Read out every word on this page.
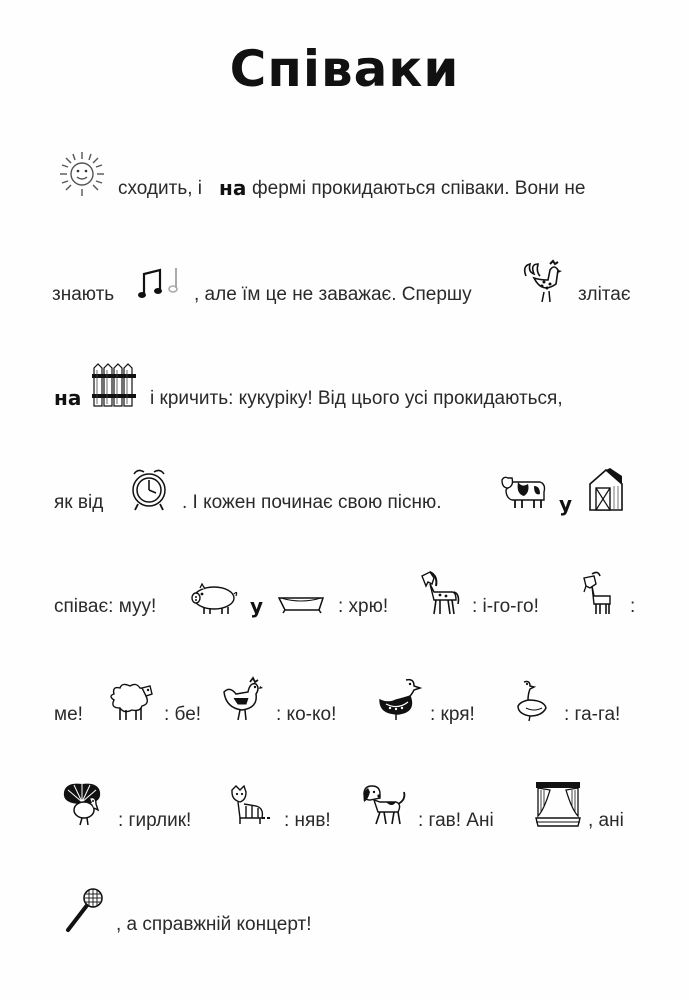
Співаки
сходить, і на фермі прокидаються співаки. Вони не
знають	, але їм це не заважає. Спершу	злітає
на	і кричить: кукуріку! Від цього усі прокидаються,
як від	. І кожен починає свою пісню.	у
співає: муу!	у	: хрю!	: і-го-го!	:
ме!	: бе!	: ко-ко!	: кря!	: га-га!
: гирлик!	: няв!	: гав! Ані	, ані
, а справжній концерт!
